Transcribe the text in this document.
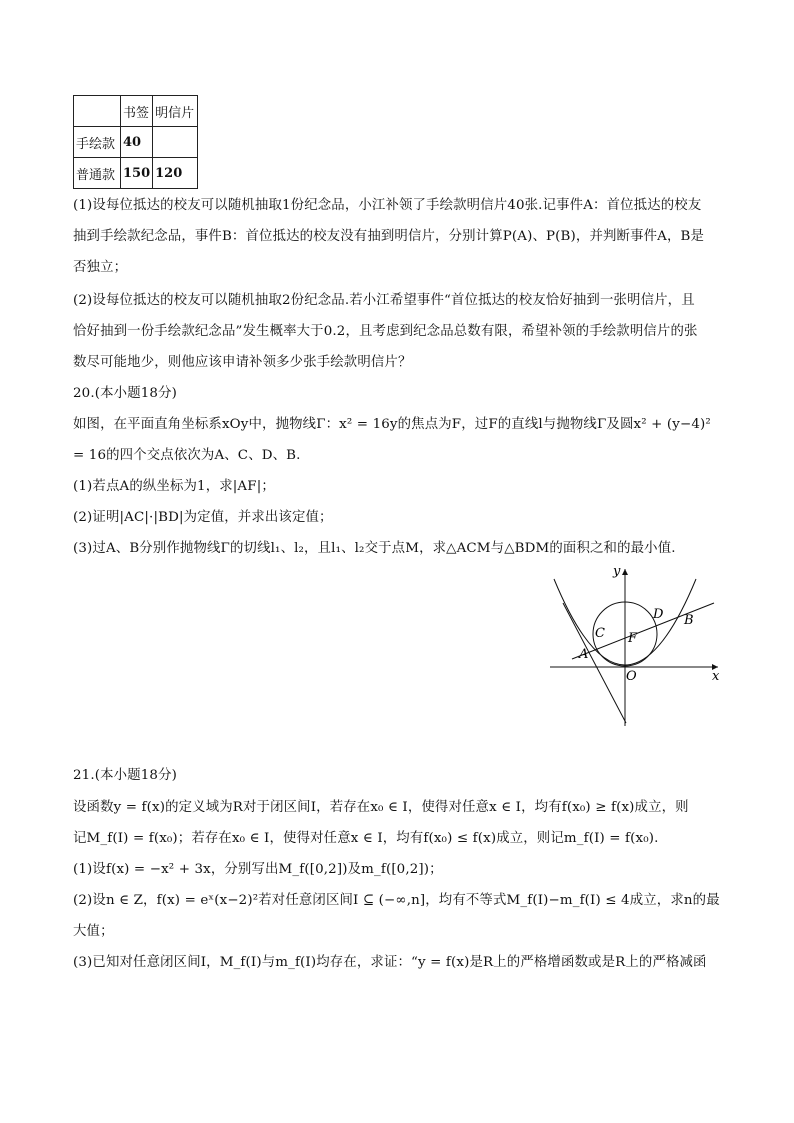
	书签	明信片
手绘款	40	
普通款	150	120
(1)设每位抵达的校友可以随机抽取1份纪念品，小江补领了手绘款明信片40张.记事件A：首位抵达的校友
抽到手绘款纪念品，事件B：首位抵达的校友没有抽到明信片，分别计算P(A)、P(B)，并判断事件A，B是
否独立；
(2)设每位抵达的校友可以随机抽取2份纪念品.若小江希望事件“首位抵达的校友恰好抽到一张明信片，且
恰好抽到一份手绘款纪念品”发生概率大于0.2，且考虑到纪念品总数有限，希望补领的手绘款明信片的张
数尽可能地少，则他应该申请补领多少张手绘款明信片？
20.(本小题18分)
如图，在平面直角坐标系xOy中，抛物线Γ：x² = 16y的焦点为F，过F的直线l与抛物线Γ及圆x² + (y−4)²
= 16的四个交点依次为A、C、D、B.
(1)若点A的纵坐标为1，求|AF|；
(2)证明|AC|·|BD|为定值，并求出该定值；
(3)过A、B分别作抛物线Γ的切线l₁、l₂，且l₁、l₂交于点M，求△ACM与△BDM的面积之和的最小值.
21.(本小题18分)
设函数y = f(x)的定义域为R对于闭区间I，若存在x₀ ∈ I，使得对任意x ∈ I，均有f(x₀) ≥ f(x)成立，则
记M_f(I) = f(x₀)；若存在x₀ ∈ I，使得对任意x ∈ I，均有f(x₀) ≤ f(x)成立，则记m_f(I) = f(x₀).
(1)设f(x) = −x² + 3x，分别写出M_f([0,2])及m_f([0,2])；
(2)设n ∈ Z，f(x) = eˣ(x−2)²若对任意闭区间I ⊆ (−∞,n]，均有不等式M_f(I)−m_f(I) ≤ 4成立，求n的最
大值；
(3)已知对任意闭区间I，M_f(I)与m_f(I)均存在，求证：“y = f(x)是R上的严格增函数或是R上的严格减函
y
x
O
F
A
B
C
D
